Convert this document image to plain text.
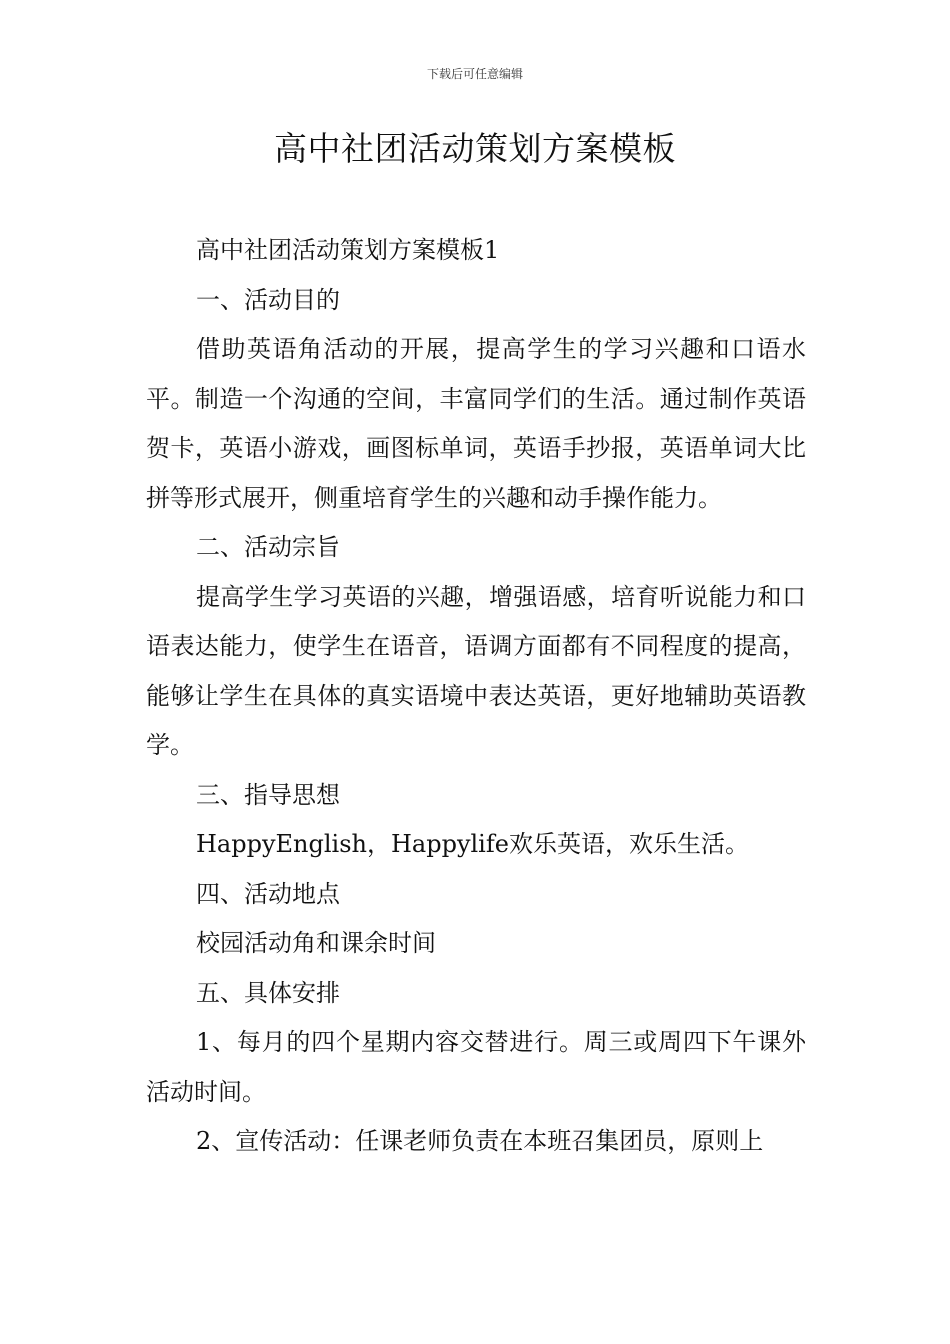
下载后可任意编辑
高中社团活动策划方案模板

高中社团活动策划方案模板1

一、活动目的

借助英语角活动的开展，提高学生的学习兴趣和口语水平。制造一个沟通的空间，丰富同学们的生活。通过制作英语贺卡，英语小游戏，画图标单词，英语手抄报，英语单词大比拼等形式展开，侧重培育学生的兴趣和动手操作能力。

二、活动宗旨

提高学生学习英语的兴趣，增强语感，培育听说能力和口语表达能力，使学生在语音，语调方面都有不同程度的提高，能够让学生在具体的真实语境中表达英语，更好地辅助英语教学。

三、指导思想

HappyEnglish，Happylife欢乐英语，欢乐生活。

四、活动地点

校园活动角和课余时间

五、具体安排

1、每月的四个星期内容交替进行。周三或周四下午课外活动时间。

2、宣传活动：任课老师负责在本班召集团员，原则上
